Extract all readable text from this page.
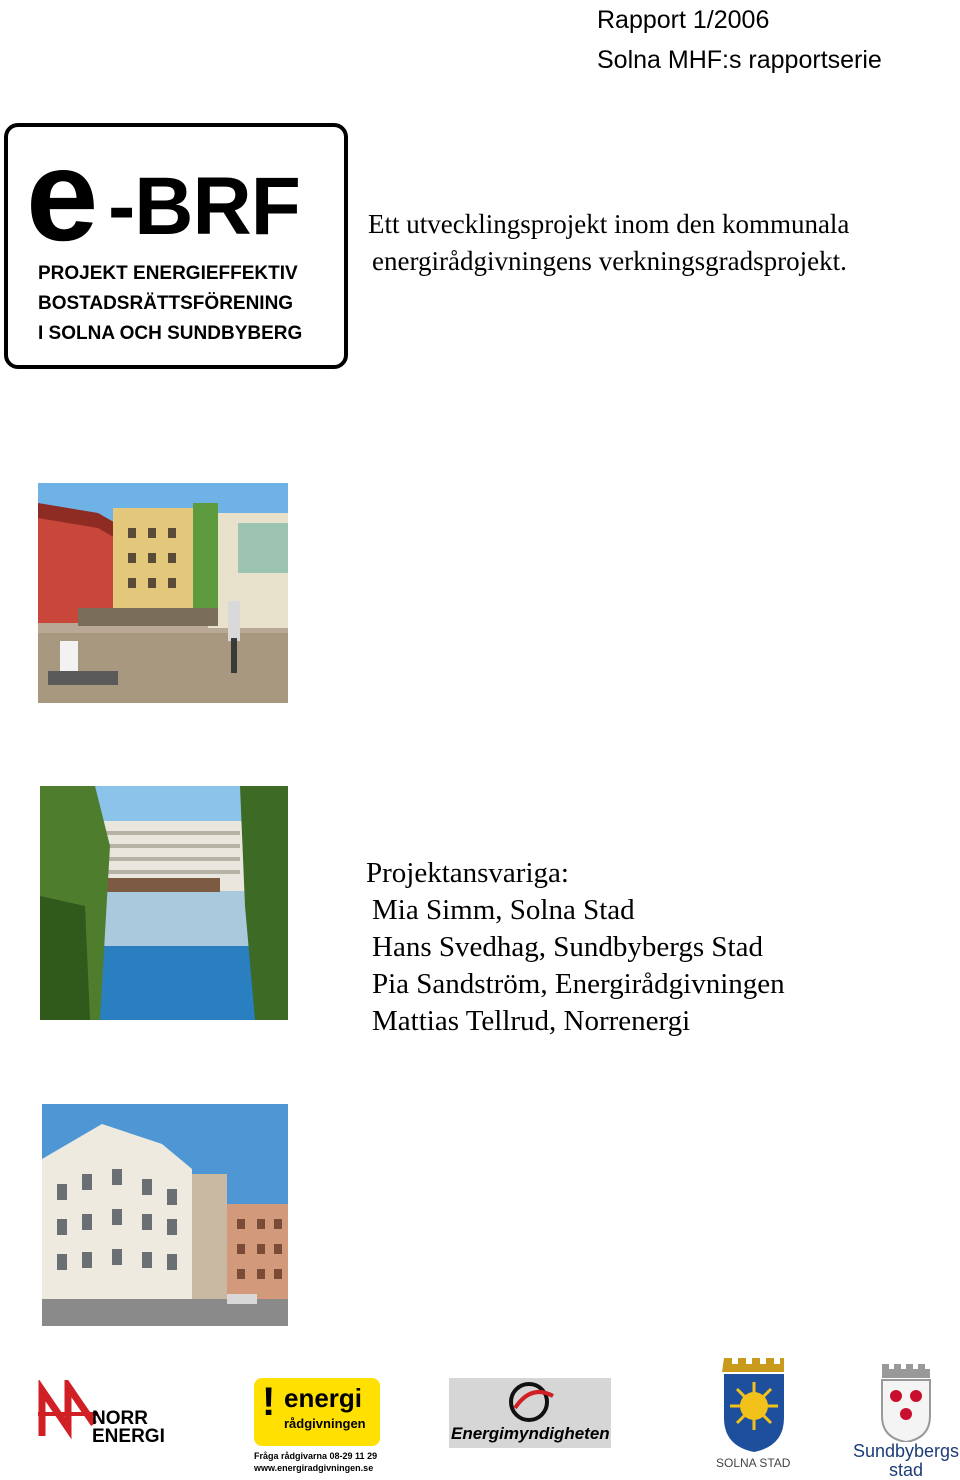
Rapport 1/2006
Solna MHF:s rapportserie
e -BRF
PROJEKT ENERGIEFFEKTIV
BOSTADSRÄTTSFÖRENING
I SOLNA OCH SUNDBYBERG
Ett utvecklingsprojekt inom den kommunala
energirådgivningens verkningsgradsprojekt.
Projektansvariga:
Mia Simm, Solna Stad
Hans Svedhag, Sundbybergs Stad
Pia Sandström, Energirådgivningen
Mattias Tellrud, Norrenergi
NORR
ENERGI
! energi
rådgivningen
Fråga rådgivarna 08-29 11 29
www.energiradgivningen.se
Energimyndigheten
SOLNA STAD
Sundbybergs
stad
